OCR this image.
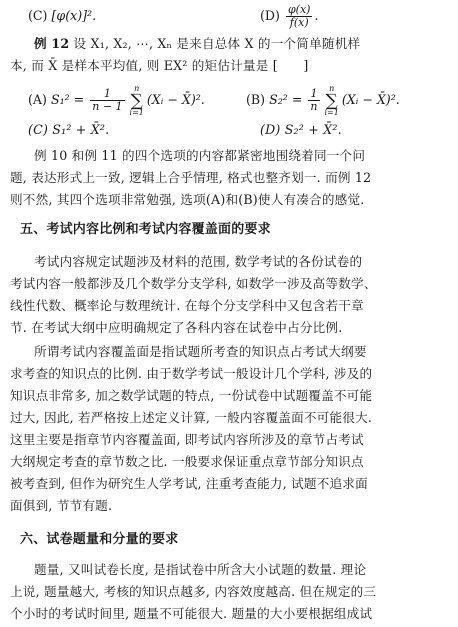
(C) [φ(x)]².	$(D) \frac{\varphi(x)}{f(x)}$ .
例 12 设 X₁, X₂, ⋯, Xₙ 是来自总体 X 的一个简单随机样
本, 而 X̄ 是样本平均值, 则 EX² 的矩估计量是 [　　]
(A) $S_1^2 = \frac{1}{n - 1}$	n
∑
i=1
(Xᵢ − X̄)².	(B) $S_2^2 = \frac{1}{n}$	n
∑
i=1
(Xᵢ − X̄)².
(C) S₁² + X̄².	(D) S₂² + X̄².
例 10 和例 11 的四个选项的内容都紧密地围绕着同一个问
题, 表达形式上一致, 逻辑上合乎情理, 格式也整齐划一. 而例 12
则不然, 其四个选项非常勉强, 选项(A)和(B)使人有凑合的感觉.
五、考试内容比例和考试内容覆盖面的要求
考试内容规定试题涉及材料的范围, 数学考试的各份试卷的
考试内容一般都涉及几个数学分支学科, 如数学一涉及高等数学、
线性代数、概率论与数理统计. 在每个分支学科中又包含若干章
节. 在考试大纲中应明确规定了各科内容在试卷中占分比例.
所谓考试内容覆盖面是指试题所考查的知识点占考试大纲要
求考查的知识点的比例. 由于数学考试一般设计几个学科, 涉及的
知识点非常多, 加之数学试题的特点, 一份试卷中试题覆盖不可能
过大, 因此, 若严格按上述定义计算, 一般内容覆盖面不可能很大.
这里主要是指章节内容覆盖面, 即考试内容所涉及的章节占考试
大纲规定考查的章节数之比. 一般要求保证重点章节部分知识点
被考查到, 但作为研究生人学考试, 注重考查能力, 试题不追求面
面俱到, 节节有题.
六、试卷题量和分量的要求
题量, 又叫试卷长度, 是指试卷中所含大小试题的数量. 理论
上说, 题量越大, 考核的知识点越多, 内容效度越高. 但在规定的三
个小时的考试时间里, 题量不可能很大. 题量的大小要根据组成试
